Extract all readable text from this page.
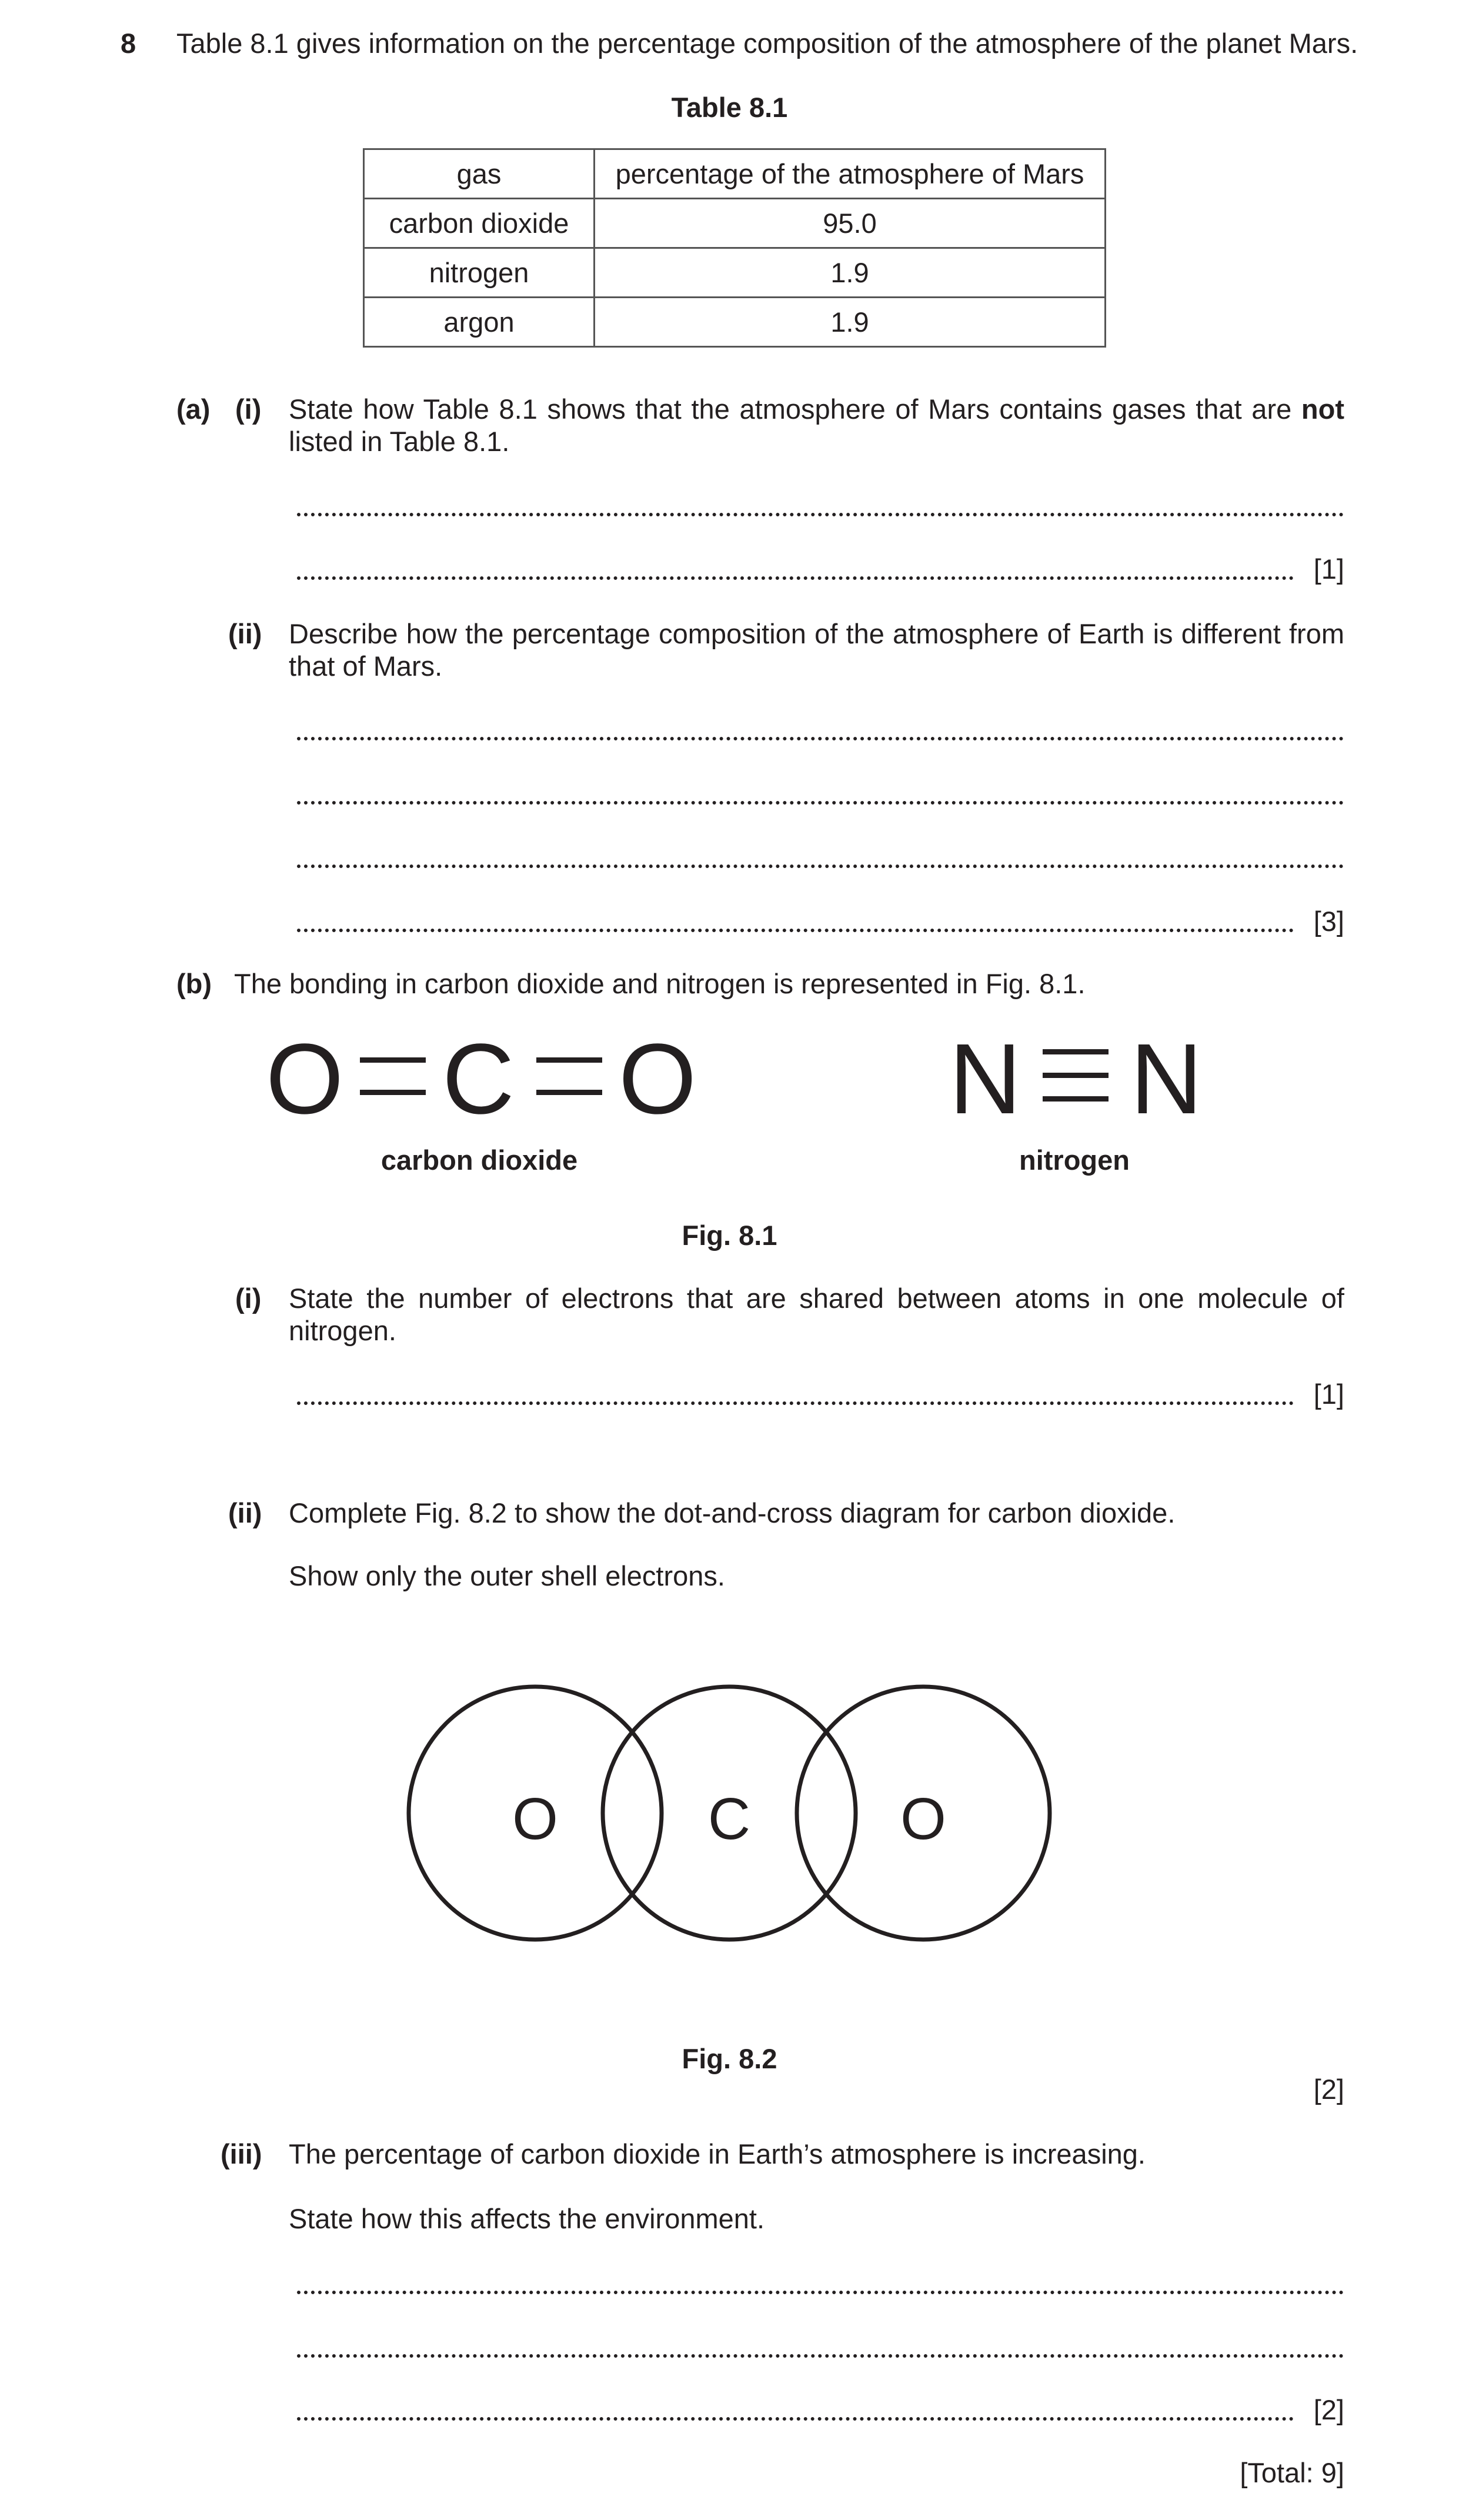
8 Table 8.1 gives information on the percentage composition of the atmosphere of the planet Mars.
Table 8.1
gas	percentage of the atmosphere of Mars
carbon dioxide	95.0
nitrogen	1.9
argon	1.9
(a) (i) State how Table 8.1 shows that the atmosphere of Mars contains gases that are not listed in Table 8.1.
[1]
(ii) Describe how the percentage composition of the atmosphere of Earth is different from that of Mars.
[3]
(b) The bonding in carbon dioxide and nitrogen is represented in Fig. 8.1.
O C O	N N
carbon dioxide	nitrogen
Fig. 8.1
(i) State the number of electrons that are shared between atoms in one molecule of nitrogen.
[1]
(ii) Complete Fig. 8.2 to show the dot-and-cross diagram for carbon dioxide.
Show only the outer shell electrons.
O	C	O
Fig. 8.2
[2]
(iii) The percentage of carbon dioxide in Earth’s atmosphere is increasing.
State how this affects the environment.
[2]
[Total: 9]
